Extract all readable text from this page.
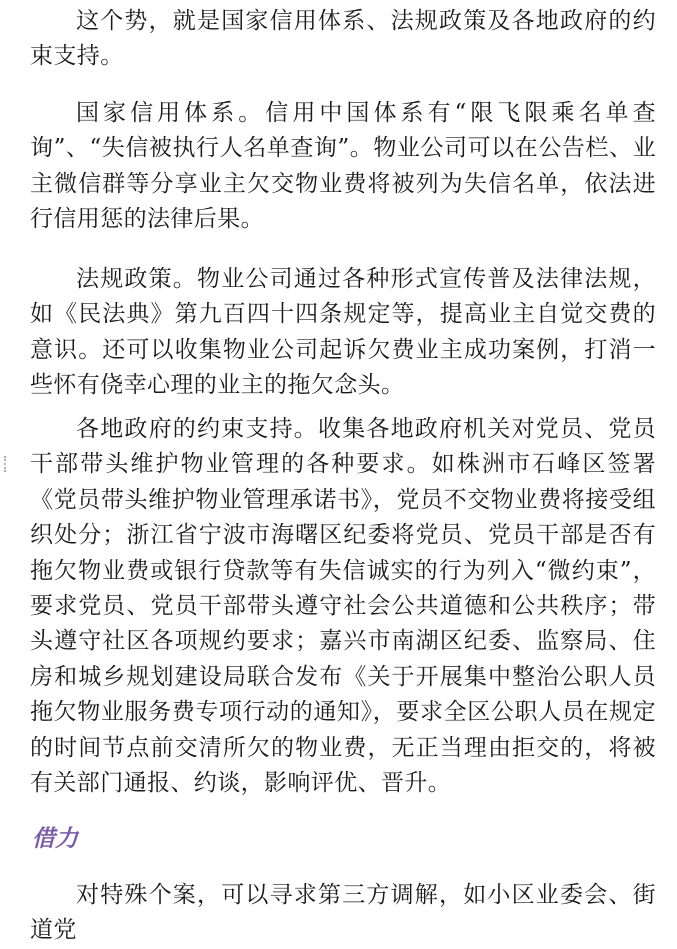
这个势，就是国家信用体系、法规政策及各地政府的约束支持。

国家信用体系。信用中国体系有“限飞限乘名单查询”、“失信被执行人名单查询”。物业公司可以在公告栏、业主微信群等分享业主欠交物业费将被列为失信名单，依法进行信用惩的法律后果。

法规政策。物业公司通过各种形式宣传普及法律法规，如《民法典》第九百四十四条规定等，提高业主自觉交费的意识。还可以收集物业公司起诉欠费业主成功案例，打消一些怀有侥幸心理的业主的拖欠念头。

各地政府的约束支持。收集各地政府机关对党员、党员干部带头维护物业管理的各种要求。如株洲市石峰区签署《党员带头维护物业管理承诺书》，党员不交物业费将接受组织处分；浙江省宁波市海曙区纪委将党员、党员干部是否有拖欠物业费或银行贷款等有失信诚实的行为列入“微约束”，要求党员、党员干部带头遵守社会公共道德和公共秩序；带头遵守社区各项规约要求；嘉兴市南湖区纪委、监察局、住房和城乡规划建设局联合发布《关于开展集中整治公职人员拖欠物业服务费专项行动的通知》，要求全区公职人员在规定的时间节点前交清所欠的物业费，无正当理由拒交的，将被有关部门通报、约谈，影响评优、晋升。

对特殊个案，可以寻求第三方调解，如小区业委会、街道党

借力
